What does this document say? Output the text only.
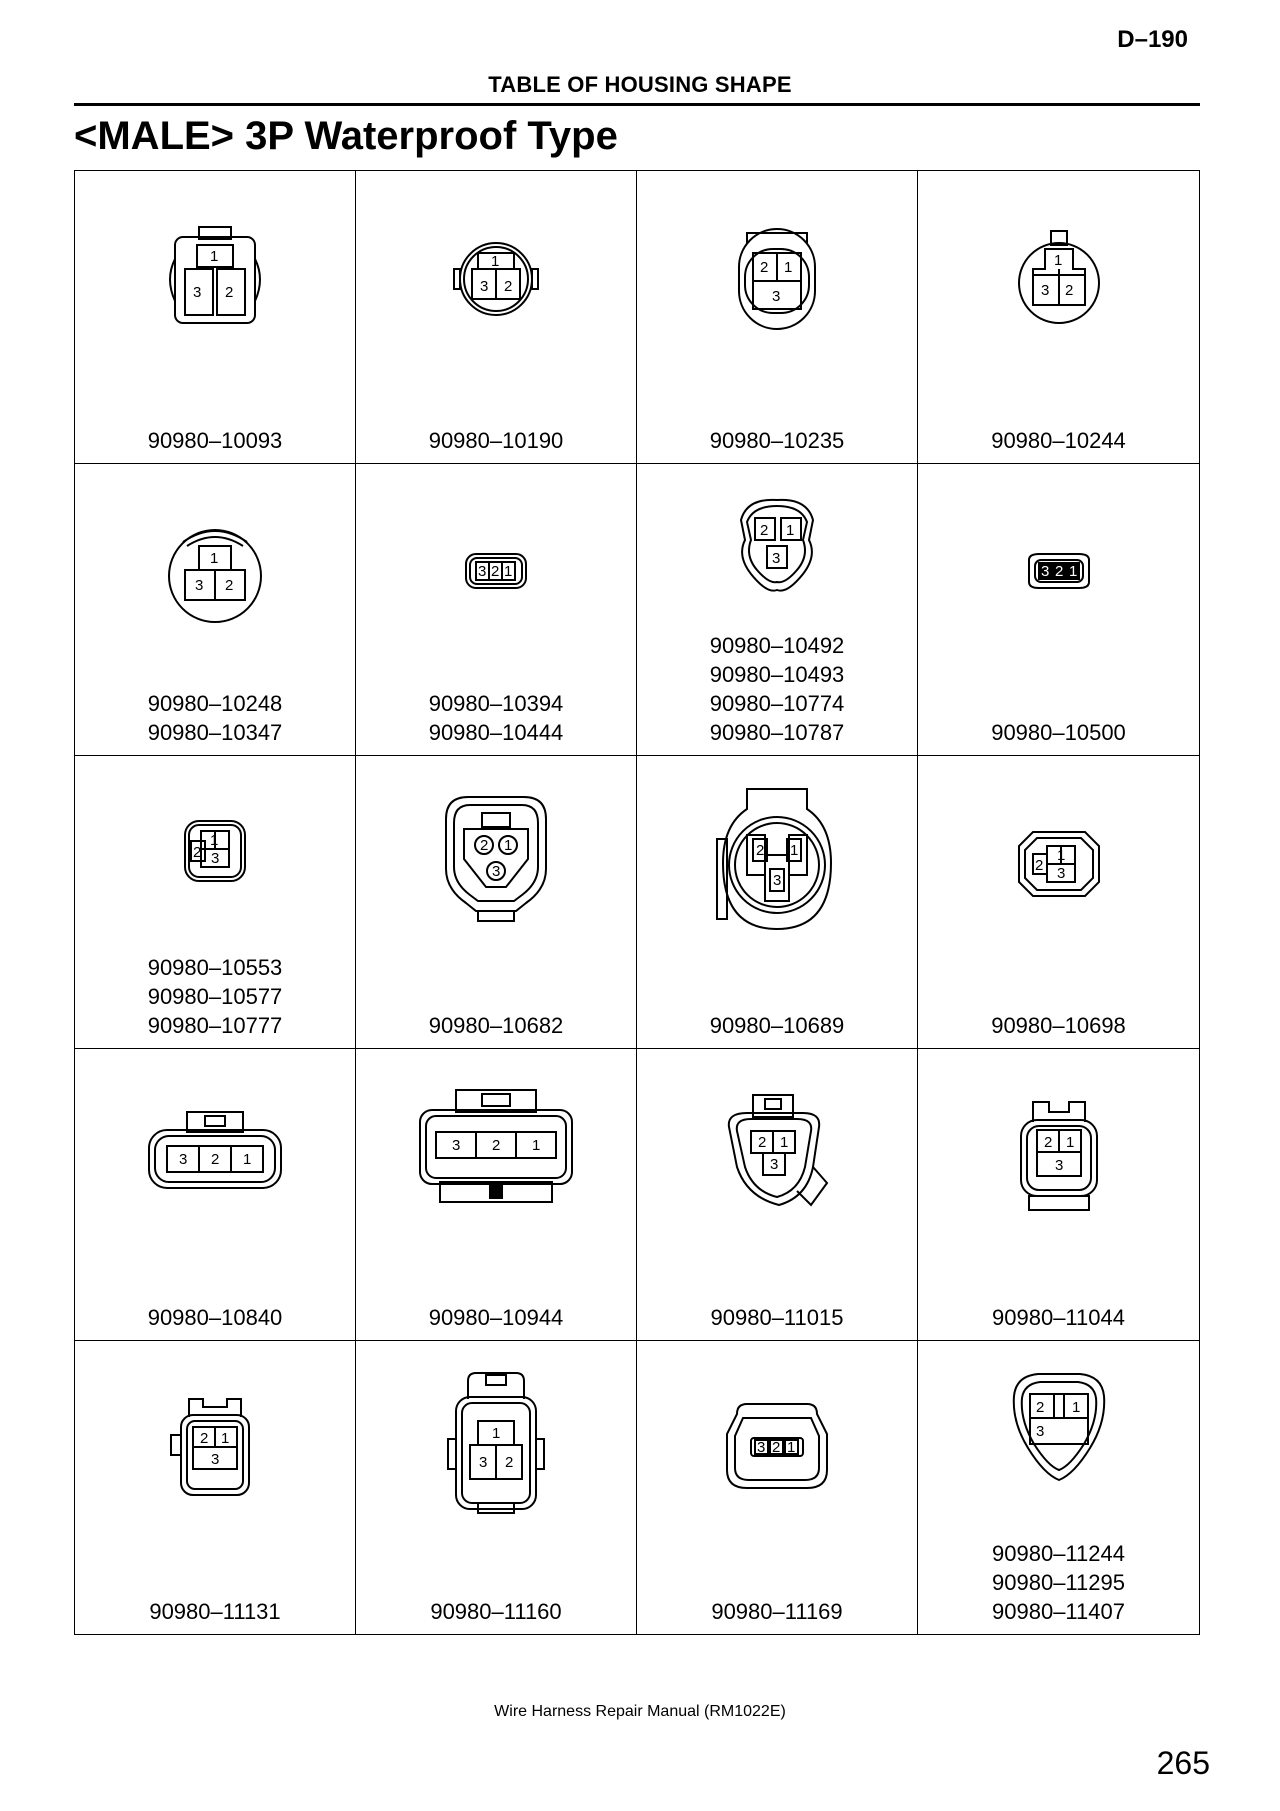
D–190
TABLE OF HOUSING SHAPE
<MALE> 3P Waterproof Type
1
3 2
90980–10093
1
3 2
90980–10190
2 1
3
90980–10235
1
3 2
90980–10244
1
3 2
90980–10248
90980–10347
3 2 1
90980–10394
90980–10444
2 1
3
90980–10492
90980–10493
90980–10774
90980–10787
3 2 1
90980–10500
1
2 3
90980–10553
90980–10577
90980–10777
2 1
3
90980–10682
2 1
3
90980–10689
1
2 3
90980–10698
3 2 1
90980–10840
3 2 1
90980–10944
2 1
3
90980–11015
2 1
3
90980–11044
2 1
3
90980–11131
1
3 2
90980–11160
3 2 1
90980–11169
2 1
3
90980–11244
90980–11295
90980–11407
Wire Harness Repair Manual (RM1022E)
265
